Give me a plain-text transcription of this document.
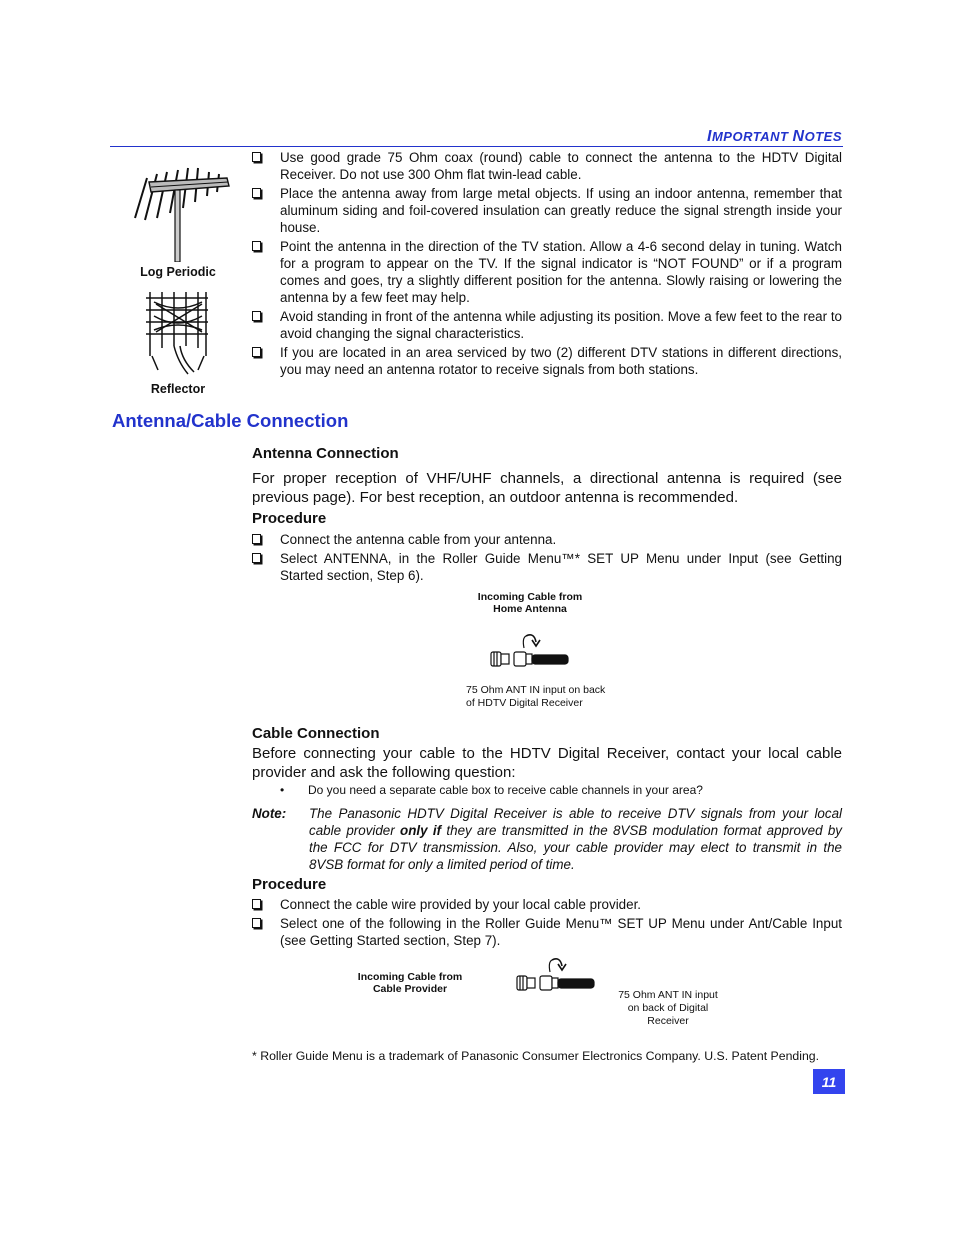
IMPORTANT NOTES
Log Periodic
Reflector
Use good grade 75 Ohm coax (round) cable to connect the antenna to the HDTV Digital Receiver. Do not use 300 Ohm flat twin-lead cable.
Place the antenna away from large metal objects. If using an indoor antenna, remember that aluminum siding and foil-covered insulation can greatly reduce the signal strength inside your house.
Point the antenna in the direction of the TV station. Allow a 4-6 second delay in tuning. Watch for a program to appear on the TV. If the signal indicator is “NOT FOUND” or if a program comes and goes, try a slightly different position for the antenna. Slowly raising or lowering the antenna by a few feet may help.
Avoid standing in front of the antenna while adjusting its position. Move a few feet to the rear to avoid changing the signal characteristics.
If you are located in an area serviced by two (2) different DTV stations in different directions, you may need an antenna rotator to receive signals from both stations.
Antenna/Cable Connection
Antenna Connection

For proper reception of VHF/UHF channels, a directional antenna is required (see previous page). For best reception, an outdoor antenna is recommended.

Procedure
Connect the antenna cable from your antenna.
Select ANTENNA, in the Roller Guide Menu™* SET UP Menu under Input (see Getting Started section, Step 6).
Incoming Cable from
Home Antenna
75 Ohm ANT IN input on back
of HDTV Digital Receiver
Cable Connection

Before connecting your cable to the HDTV Digital Receiver, contact your local cable provider and ask the following question:

• Do you need a separate cable box to receive cable channels in your area?
Note: The Panasonic HDTV Digital Receiver is able to receive DTV signals from your local cable provider only if they are transmitted in the 8VSB modulation format approved by the FCC for DTV transmission. Also, your cable provider may elect to transmit in the 8VSB format for only a limited period of time.
Procedure
Connect the cable wire provided by your local cable provider.
Select one of the following in the Roller Guide Menu™ SET UP Menu under Ant/Cable Input (see Getting Started section, Step 7).
Incoming Cable from
Cable Provider	75 Ohm ANT IN input
on back of Digital
Receiver
* Roller Guide Menu is a trademark of Panasonic Consumer Electronics Company. U.S. Patent Pending.
11
